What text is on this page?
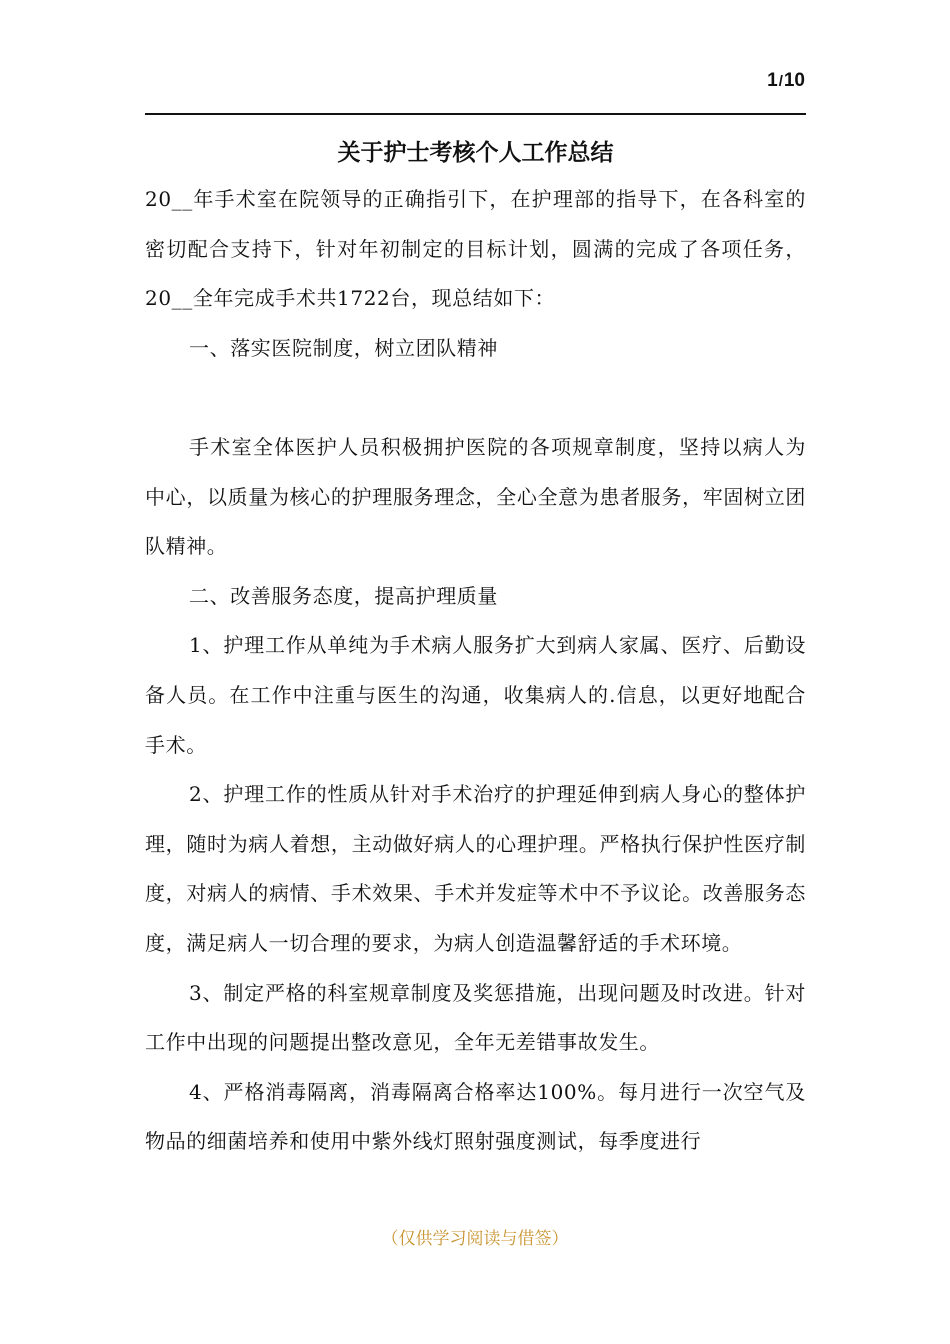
1/10
关于护士考核个人工作总结

20__年手术室在院领导的正确指引下，在护理部的指导下，在各科室的密切配合支持下，针对年初制定的目标计划，圆满的完成了各项任务，20__全年完成手术共1722台，现总结如下：

一、落实医院制度，树立团队精神

手术室全体医护人员积极拥护医院的各项规章制度，坚持以病人为中心，以质量为核心的护理服务理念，全心全意为患者服务，牢固树立团队精神。

二、改善服务态度，提高护理质量

1、护理工作从单纯为手术病人服务扩大到病人家属、医疗、后勤设备人员。在工作中注重与医生的沟通，收集病人的.信息，以更好地配合手术。

2、护理工作的性质从针对手术治疗的护理延伸到病人身心的整体护理，随时为病人着想，主动做好病人的心理护理。严格执行保护性医疗制度，对病人的病情、手术效果、手术并发症等术中不予议论。改善服务态度，满足病人一切合理的要求，为病人创造温馨舒适的手术环境。

3、制定严格的科室规章制度及奖惩措施，出现问题及时改进。针对工作中出现的问题提出整改意见，全年无差错事故发生。

4、严格消毒隔离，消毒隔离合格率达100%。每月进行一次空气及物品的细菌培养和使用中紫外线灯照射强度测试，每季度进行

（仅供学习阅读与借签）
